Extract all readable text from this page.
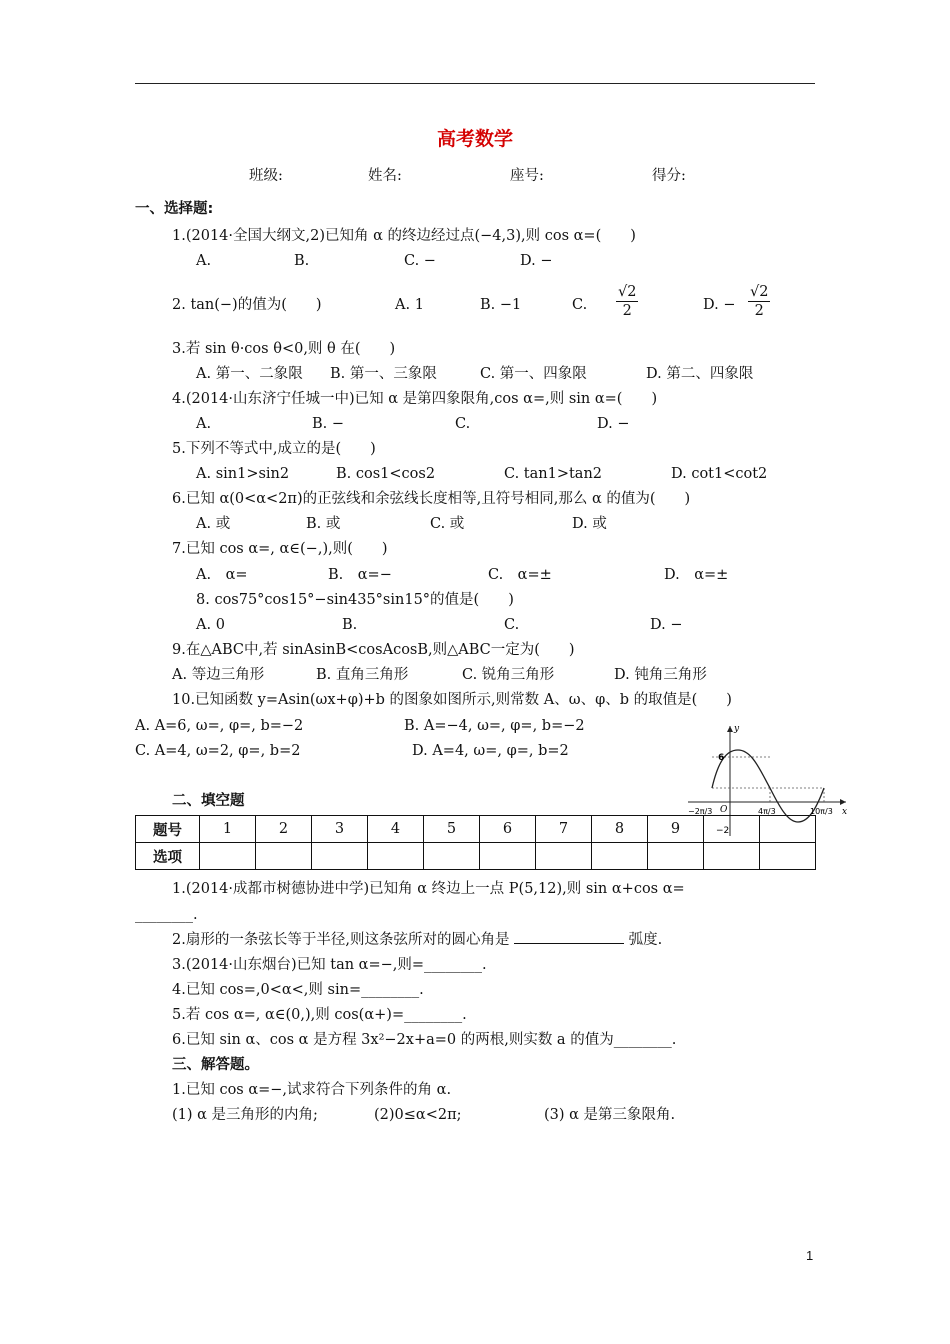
高考数学
班级:	姓名:	座号:	得分:
一、选择题:
1.(2014·全国大纲文,2)已知角 α 的终边经过点(−4,3),则 cos α=(　　)
A.	B.	C. −	D. −
2. tan(−)的值为(　　)	A. 1	B. −1	C. $\frac{√2}{2}$	D. − $\frac{√2}{2}$
3.若 sin θ·cos θ<0,则 θ 在(　　)
A. 第一、二象限 B. 第一、三象限	C. 第一、四象限	D. 第二、四象限
4.(2014·山东济宁任城一中)已知 α 是第四象限角,cos α=,则 sin α=(　　)
A.	B. −	C.	D. −
5.下列不等式中,成立的是(　　)
A. sin1>sin2	B. cos1<cos2	C. tan1>tan2	D. cot1<cot2
6.已知 α(0<α<2π)的正弦线和余弦线长度相等,且符号相同,那么 α 的值为(　　)
A. 或	B. 或	C. 或	D. 或
7.已知 cos α=, α∈(−,),则(　　)
A.　α=	B.　α=−	C.　α=±	D.　α=±
8. cos75°cos15°−sin435°sin15°的值是(　　)
A. 0	B.	C.	D. −
9.在△ABC中,若 sinAsinB<cosAcosB,则△ABC一定为(　　)
A. 等边三角形	B. 直角三角形	C. 锐角三角形	D. 钝角三角形
10.已知函数 y=Asin(ωx+φ)+b 的图象如图所示,则常数 A、ω、φ、b 的取值是(　　)
A. A=6, ω=, φ=, b=−2	B. A=−4, ω=, φ=, b=−2
C. A=4, ω=2, φ=, b=2	D. A=4, ω=, φ=, b=2
y
x
O
6
−2
−2π/3	4π/3	10π/3
二、填空题
题号	1	2	3	4	5	6	7	8	9		
选项											
1.(2014·成都市树德协进中学)已知角 α 终边上一点 P(5,12),则 sin α+cos α=
________.
2.扇形的一条弦长等于半径,则这条弦所对的圆心角是	弧度.
3.(2014·山东烟台)已知 tan α=−,则=________.
4.已知 cos=,0<α<,则 sin=________.
5.若 cos α=, α∈(0,),则 cos(α+)=________.
6.已知 sin α、cos α 是方程 3x²−2x+a=0 的两根,则实数 a 的值为________.
三、解答题。
1.已知 cos α=−,试求符合下列条件的角 α.
(1) α 是三角形的内角;	(2)0≤α<2π;	(3) α 是第三象限角.
1
